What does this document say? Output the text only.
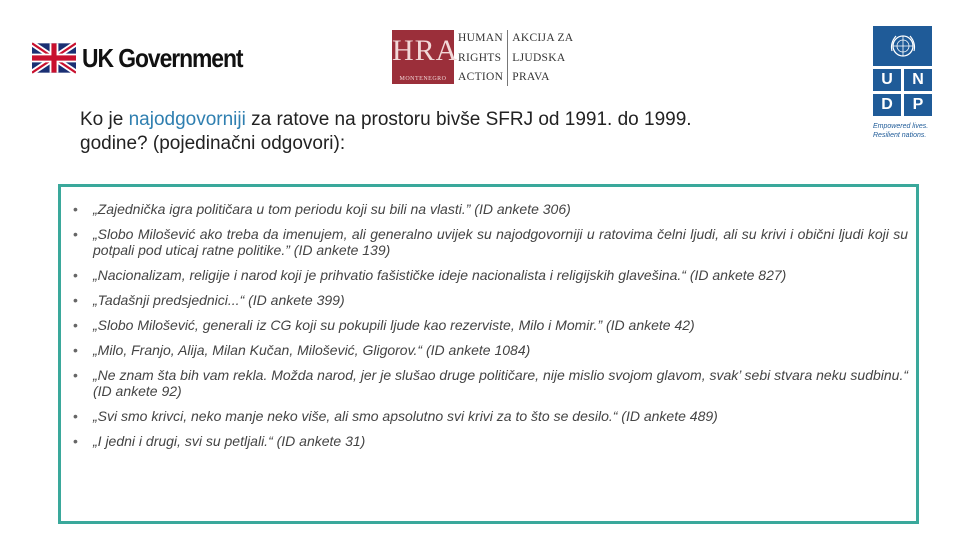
UK Government	HRA
MONTENEGRO
HUMAN
RIGHTS
ACTION
AKCIJA ZA
LJUDSKA
PRAVA	U	N
D	P
Empowered lives.
Resilient nations.
Ko je najodgovorniji za ratove na prostoru bivše SFRJ od 1991. do 1999. godine? (pojedinačni odgovori):
• „Zajednička igra političara u tom periodu koji su bili na vlasti.” (ID ankete 306)
• „Slobo Milošević ako treba da imenujem, ali generalno uvijek su najodgovorniji u ratovima čelni ljudi, ali su krivi i obični ljudi koji su potpali pod uticaj ratne politike.” (ID ankete 139)
• „Nacionalizam, religije i narod koji je prihvatio fašističke ideje nacionalista i religijskih glavešina.“ (ID ankete 827)
• „Tadašnji predsjednici...“ (ID ankete 399)
• „Slobo Milošević, generali iz CG koji su pokupili ljude kao rezerviste, Milo i Momir.” (ID ankete 42)
• „Milo, Franjo, Alija, Milan Kučan, Milošević, Gligorov.“ (ID ankete 1084)
• „Ne znam šta bih vam rekla. Možda narod, jer je slušao druge političare, nije mislio svojom glavom, svak’ sebi stvara neku sudbinu.“ (ID ankete 92)
• „Svi smo krivci, neko manje neko više, ali smo apsolutno svi krivi za to što se desilo.“ (ID ankete 489)
• „I jedni i drugi, svi su petljali.“ (ID ankete 31)
